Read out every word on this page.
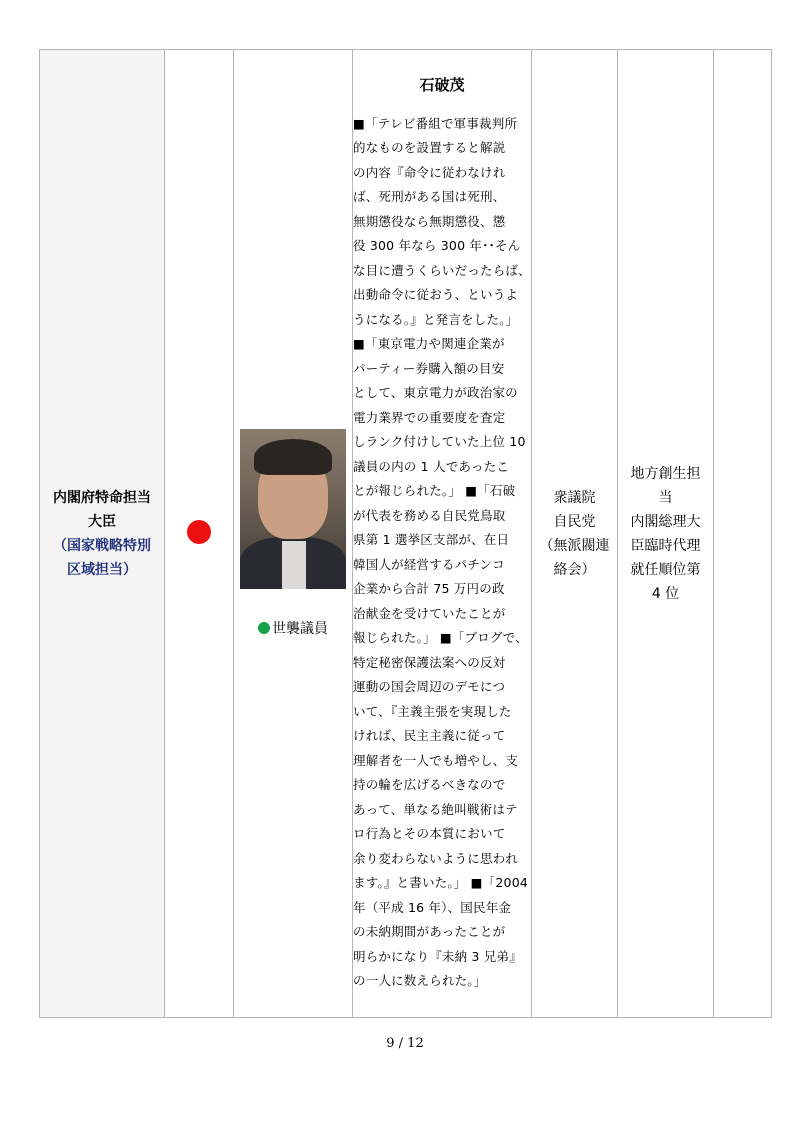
内閣府特命担当
大臣
（国家戦略特別
区域担当）

世襲議員

石破茂
■「テレビ番組で軍事裁判所
的なものを設置すると解説
の内容『命令に従わなけれ
ば、死刑がある国は死刑、
無期懲役なら無期懲役、懲
役 300 年なら 300 年･･そん
な目に遭うくらいだったらば、
出動命令に従おう、というよ
うになる。』と発言をした。」
■「東京電力や関連企業が
パーティー券購入額の目安
として、東京電力が政治家の
電力業界での重要度を査定
しランク付けしていた上位 10
議員の内の 1 人であったこ
とが報じられた。」 ■「石破
が代表を務める自民党鳥取
県第 1 選挙区支部が、在日
韓国人が経営するパチンコ
企業から合計 75 万円の政
治献金を受けていたことが
報じられた。」 ■「ブログで、
特定秘密保護法案への反対
運動の国会周辺のデモにつ
いて、『主義主張を実現した
ければ、民主主義に従って
理解者を一人でも増やし、支
持の輪を広げるべきなので
あって、単なる絶叫戦術はテ
ロ行為とその本質において
余り変わらないように思われ
ます。』と書いた。」 ■「2004
年（平成 16 年）、国民年金
の未納期間があったことが
明らかになり『未納 3 兄弟』
の一人に数えられた。」

衆議院
自民党
（無派閥連
絡会）

地方創生担
当
内閣総理大
臣臨時代理
就任順位第
4 位

9 / 12
